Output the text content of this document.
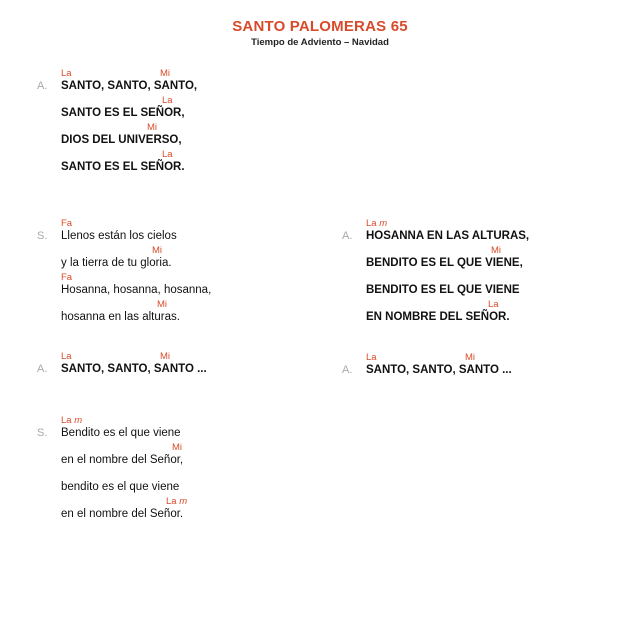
SANTO PALOMERAS 65
Tiempo de Adviento – Navidad
A.
La	Mi
SANTO, SANTO, SANTO,
La
SANTO ES EL SEÑOR,
Mi
DIOS DEL UNIVERSO,
La
SANTO ES EL SEÑOR.
S.
Fa
Llenos están los cielos
Mi
y la tierra de tu gloria.
Fa
Hosanna, hosanna, hosanna,
Mi
hosanna en las alturas.
A.
La m
HOSANNA EN LAS ALTURAS,
Mi
BENDITO ES EL QUE VIENE,
BENDITO ES EL QUE VIENE
La
EN NOMBRE DEL SEÑOR.
A.
La	Mi
SANTO, SANTO, SANTO ...	A.
La	Mi
SANTO, SANTO, SANTO ...
S.
La m
Bendito es el que viene
Mi
en el nombre del Señor,
bendito es el que viene
La m
en el nombre del Señor.
